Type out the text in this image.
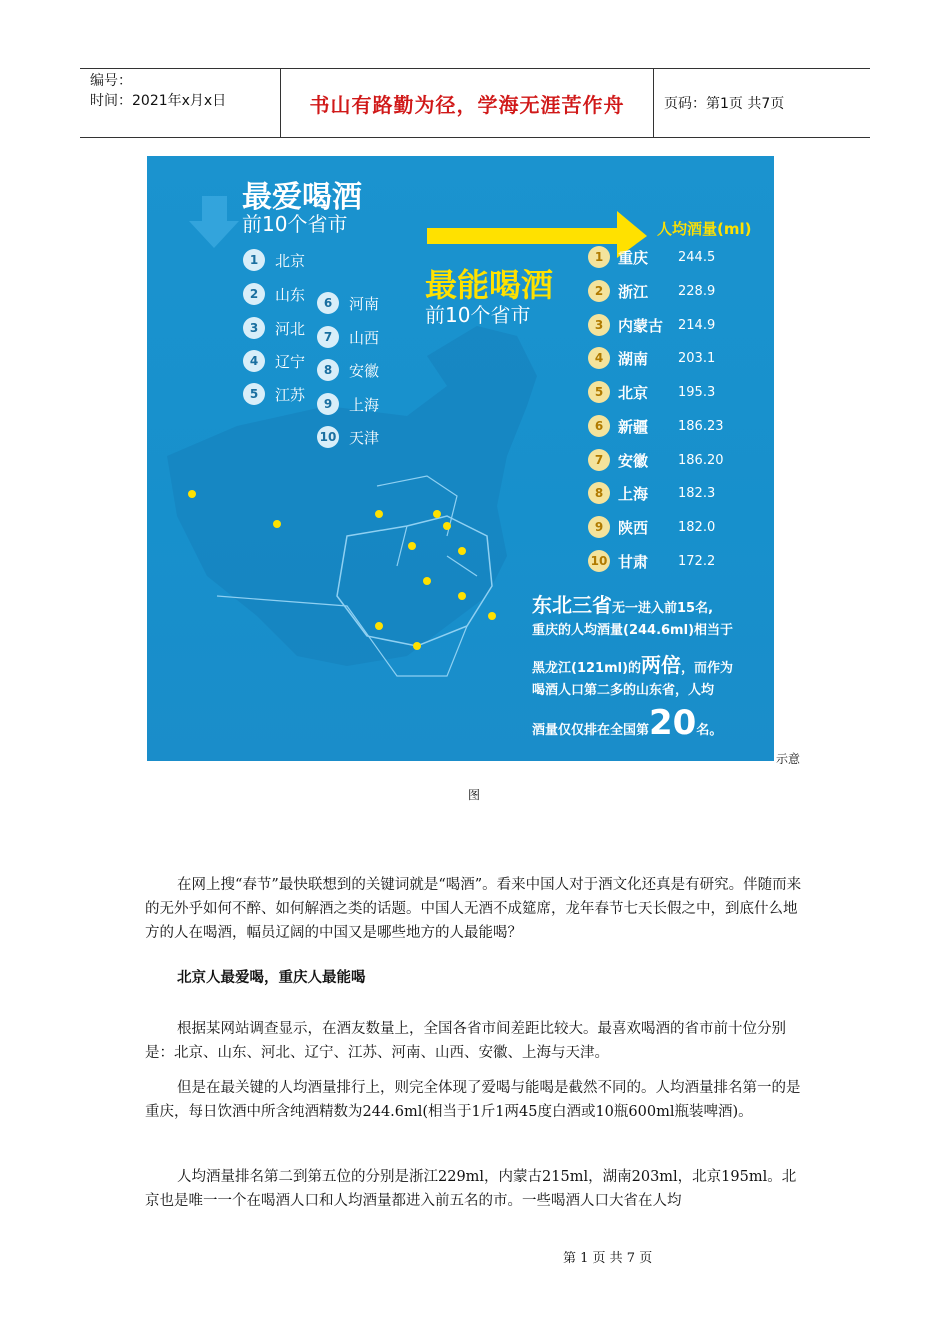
编号：
时间：2021年x月x日	书山有路勤为径，学海无涯苦作舟	页码：第1页 共7页
最爱喝酒
前10个省市
1	北京
2	山东
3	河北
4	辽宁
5	江苏
6	河南
7	山西
8	安徽
9	上海
10 天津
最能喝酒
前10个省市
人均酒量(ml)
1 重庆	244.5
2 浙江	228.9
3 内蒙古	214.9
4 湖南	203.1
5 北京	195.3
6 新疆	186.23
7 安徽	186.20
8 上海	182.3
9 陕西	182.0
10 甘肃	172.2
东北三省无一进入前15名,
重庆的人均酒量(244.6ml)相当于
黑龙江(121ml)的两倍，而作为
喝酒人口第二多的山东省，人均
酒量仅仅排在全国第20名。
示意
图
在网上搜“春节”最快联想到的关键词就是“喝酒”。看来中国人对于酒文化还真是有研究。伴随而来的无外乎如何不醉、如何解酒之类的话题。中国人无酒不成筵席，龙年春节七天长假之中，到底什么地方的人在喝酒，幅员辽阔的中国又是哪些地方的人最能喝？
北京人最爱喝，重庆人最能喝
根据某网站调查显示，在酒友数量上，全国各省市间差距比较大。最喜欢喝酒的省市前十位分别是：北京、山东、河北、辽宁、江苏、河南、山西、安徽、上海与天津。
但是在最关键的人均酒量排行上，则完全体现了爱喝与能喝是截然不同的。人均酒量排名第一的是重庆，每日饮酒中所含纯酒精数为244.6ml(相当于1斤1两45度白酒或10瓶600ml瓶装啤酒)。
人均酒量排名第二到第五位的分别是浙江229ml，内蒙古215ml，湖南203ml，北京195ml。北京也是唯一一个在喝酒人口和人均酒量都进入前五名的市。一些喝酒人口大省在人均
第 1 页 共 7 页
